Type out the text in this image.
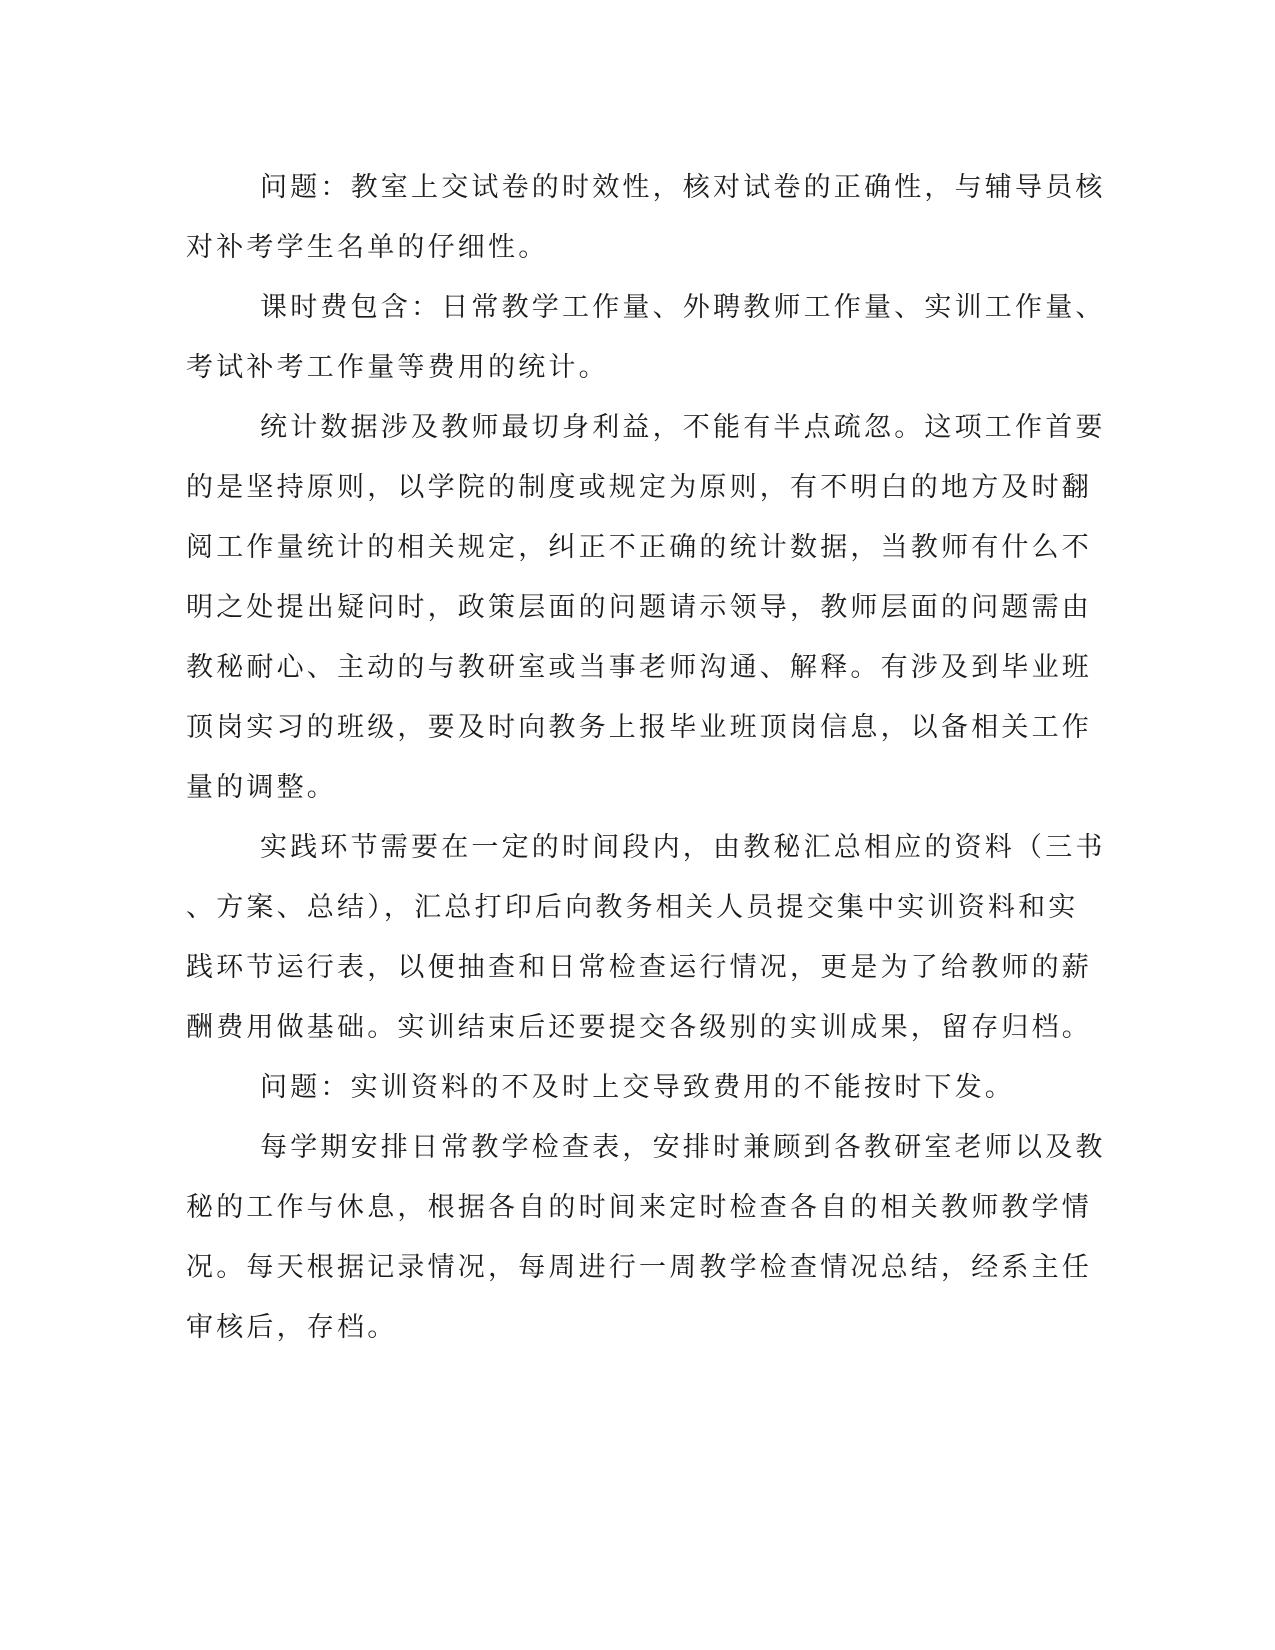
问题：教室上交试卷的时效性，核对试卷的正确性，与辅导员核
对补考学生名单的仔细性。
课时费包含：日常教学工作量、外聘教师工作量、实训工作量、
考试补考工作量等费用的统计。
统计数据涉及教师最切身利益，不能有半点疏忽。这项工作首要
的是坚持原则，以学院的制度或规定为原则，有不明白的地方及时翻
阅工作量统计的相关规定，纠正不正确的统计数据，当教师有什么不
明之处提出疑问时，政策层面的问题请示领导，教师层面的问题需由
教秘耐心、主动的与教研室或当事老师沟通、解释。有涉及到毕业班
顶岗实习的班级，要及时向教务上报毕业班顶岗信息，以备相关工作
量的调整。
实践环节需要在一定的时间段内，由教秘汇总相应的资料（三书
、方案、总结），汇总打印后向教务相关人员提交集中实训资料和实
践环节运行表，以便抽查和日常检查运行情况，更是为了给教师的薪
酬费用做基础。实训结束后还要提交各级别的实训成果，留存归档。
问题：实训资料的不及时上交导致费用的不能按时下发。
每学期安排日常教学检查表，安排时兼顾到各教研室老师以及教
秘的工作与休息，根据各自的时间来定时检查各自的相关教师教学情
况。每天根据记录情况，每周进行一周教学检查情况总结，经系主任
审核后，存档。
